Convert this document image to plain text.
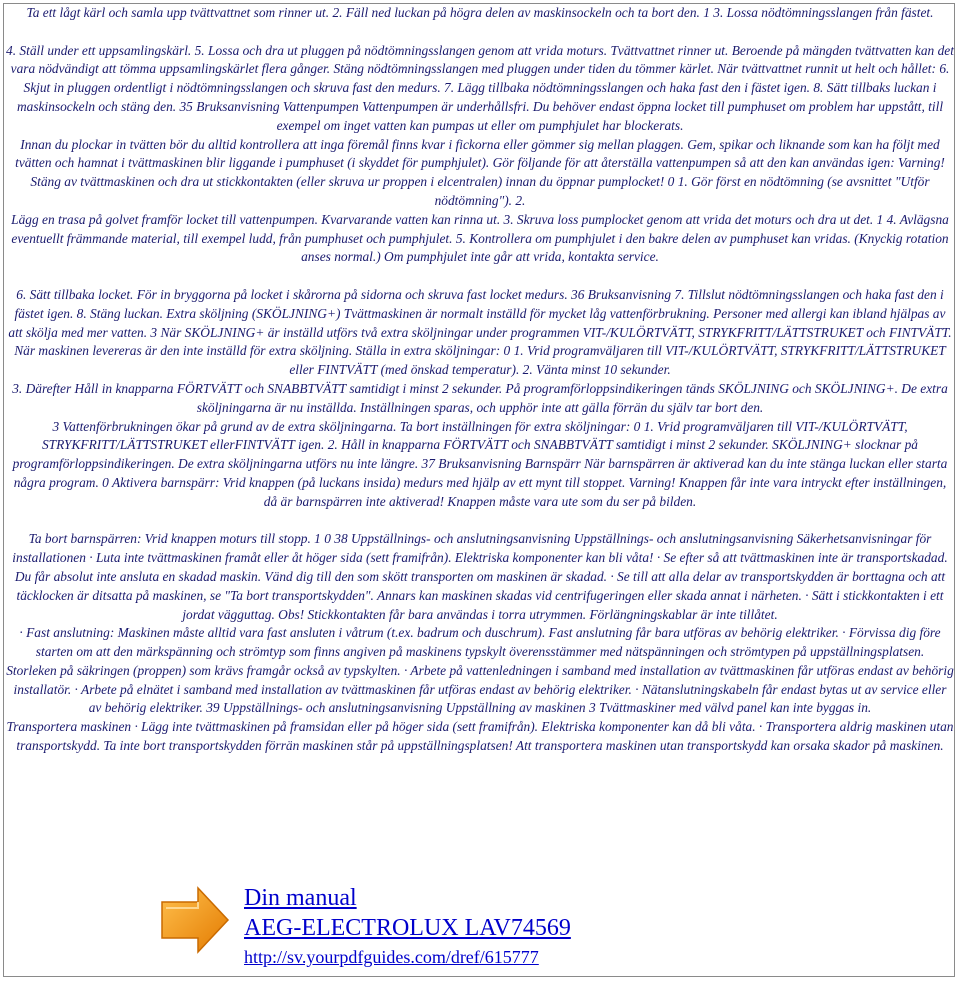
Ta ett lågt kärl och samla upp tvättvattnet som rinner ut. 2. Fäll ned luckan på högra delen av maskinsockeln och ta bort den. 1 3. Lossa nödtömningsslangen från fästet.

4. Ställ under ett uppsamlingskärl. 5. Lossa och dra ut pluggen på nödtömningsslangen genom att vrida moturs. Tvättvattnet rinner ut. Beroende på mängden tvättvatten kan det vara nödvändigt att tömma uppsamlingskärlet flera gånger. Stäng nödtömningsslangen med pluggen under tiden du tömmer kärlet. När tvättvattnet runnit ut helt och hållet: 6. Skjut in pluggen ordentligt i nödtömningsslangen och skruva fast den medurs. 7. Lägg tillbaka nödtömningsslangen och haka fast den i fästet igen. 8. Sätt tillbaks luckan i maskinsockeln och stäng den. 35 Bruksanvisning Vattenpumpen Vattenpumpen är underhållsfri. Du behöver endast öppna locket till pumphuset om problem har uppstått, till exempel om inget vatten kan pumpas ut eller om pumphjulet har blockerats.

Innan du plockar in tvätten bör du alltid kontrollera att inga föremål finns kvar i fickorna eller gömmer sig mellan plaggen. Gem, spikar och liknande som kan ha följt med tvätten och hamnat i tvättmaskinen blir liggande i pumphuset (i skyddet för pumphjulet). Gör följande för att återställa vattenpumpen så att den kan användas igen: Varning! Stäng av tvättmaskinen och dra ut stickkontakten (eller skruva ur proppen i elcentralen) innan du öppnar pumplocket! 0 1. Gör först en nödtömning (se avsnittet "Utför nödtömning"). 2.

Lägg en trasa på golvet framför locket till vattenpumpen. Kvarvarande vatten kan rinna ut. 3. Skruva loss pumplocket genom att vrida det moturs och dra ut det. 1 4. Avlägsna eventuellt främmande material, till exempel ludd, från pumphuset och pumphjulet. 5. Kontrollera om pumphjulet i den bakre delen av pumphuset kan vridas. (Knyckig rotation anses normal.) Om pumphjulet inte går att vrida, kontakta service.

6. Sätt tillbaka locket. För in bryggorna på locket i skårorna på sidorna och skruva fast locket medurs. 36 Bruksanvisning 7. Tillslut nödtömningsslangen och haka fast den i fästet igen. 8. Stäng luckan. Extra sköljning (SKÖLJNING+) Tvättmaskinen är normalt inställd för mycket låg vattenförbrukning. Personer med allergi kan ibland hjälpas av att skölja med mer vatten. 3 När SKÖLJNING+ är inställd utförs två extra sköljningar under programmen VIT-/KULÖRTVÄTT, STRYKFRITT/LÄTTSTRUKET och FINTVÄTT.

När maskinen levereras är den inte inställd för extra sköljning. Ställa in extra sköljningar: 0 1. Vrid programväljaren till VIT-/KULÖRTVÄTT, STRYKFRITT/LÄTTSTRUKET eller FINTVÄTT (med önskad temperatur). 2. Vänta minst 10 sekunder.

3. Därefter Håll in knapparna FÖRTVÄTT och SNABBTVÄTT samtidigt i minst 2 sekunder. På programförloppsindikeringen tänds SKÖLJNING och SKÖLJNING+. De extra sköljningarna är nu inställda. Inställningen sparas, och upphör inte att gälla förrän du själv tar bort den.

3 Vattenförbrukningen ökar på grund av de extra sköljningarna. Ta bort inställningen för extra sköljningar: 0 1. Vrid programväljaren till VIT-/KULÖRTVÄTT, STRYKFRITT/LÄTTSTRUKET ellerFINTVÄTT igen. 2. Håll in knapparna FÖRTVÄTT och SNABBTVÄTT samtidigt i minst 2 sekunder. SKÖLJNING+ slocknar på programförloppsindikeringen. De extra sköljningarna utförs nu inte längre. 37 Bruksanvisning Barnspärr När barnspärren är aktiverad kan du inte stänga luckan eller starta några program. 0 Aktivera barnspärr: Vrid knappen (på luckans insida) medurs med hjälp av ett mynt till stoppet. Varning! Knappen får inte vara intryckt efter inställningen, då är barnspärren inte aktiverad! Knappen måste vara ute som du ser på bilden.

Ta bort barnspärren: Vrid knappen moturs till stopp. 1 0 38 Uppställnings- och anslutningsanvisning Uppställnings- och anslutningsanvisning Säkerhetsanvisningar för installationen · Luta inte tvättmaskinen framåt eller åt höger sida (sett framifrån). Elektriska komponenter kan bli våta! · Se efter så att tvättmaskinen inte är transportskadad. Du får absolut inte ansluta en skadad maskin. Vänd dig till den som skött transporten om maskinen är skadad. · Se till att alla delar av transportskydden är borttagna och att täcklocken är ditsatta på maskinen, se "Ta bort transportskydden". Annars kan maskinen skadas vid centrifugeringen eller skada annat i närheten. · Sätt i stickkontakten i ett jordat vägguttag. Obs! Stickkontakten får bara användas i torra utrymmen. Förlängningskablar är inte tillåtet.

· Fast anslutning: Maskinen måste alltid vara fast ansluten i våtrum (t.ex. badrum och duschrum). Fast anslutning får bara utföras av behörig elektriker. · Förvissa dig före starten om att den märkspänning och strömtyp som finns angiven på maskinens typskylt överensstämmer med nätspänningen och strömtypen på uppställningsplatsen.

Storleken på säkringen (proppen) som krävs framgår också av typskylten. · Arbete på vattenledningen i samband med installation av tvättmaskinen får utföras endast av behörig installatör. · Arbete på elnätet i samband med installation av tvättmaskinen får utföras endast av behörig elektriker. · Nätanslutningskabeln får endast bytas ut av service eller av behörig elektriker. 39 Uppställnings- och anslutningsanvisning Uppställning av maskinen 3 Tvättmaskiner med välvd panel kan inte byggas in.

Transportera maskinen · Lägg inte tvättmaskinen på framsidan eller på höger sida (sett framifrån). Elektriska komponenter kan då bli våta. · Transportera aldrig maskinen utan transportskydd. Ta inte bort transportskydden förrän maskinen står på uppställningsplatsen! Att transportera maskinen utan transportskydd kan orsaka skador på maskinen.

Din manual
AEG-ELECTROLUX LAV74569
http://sv.yourpdfguides.com/dref/615777
